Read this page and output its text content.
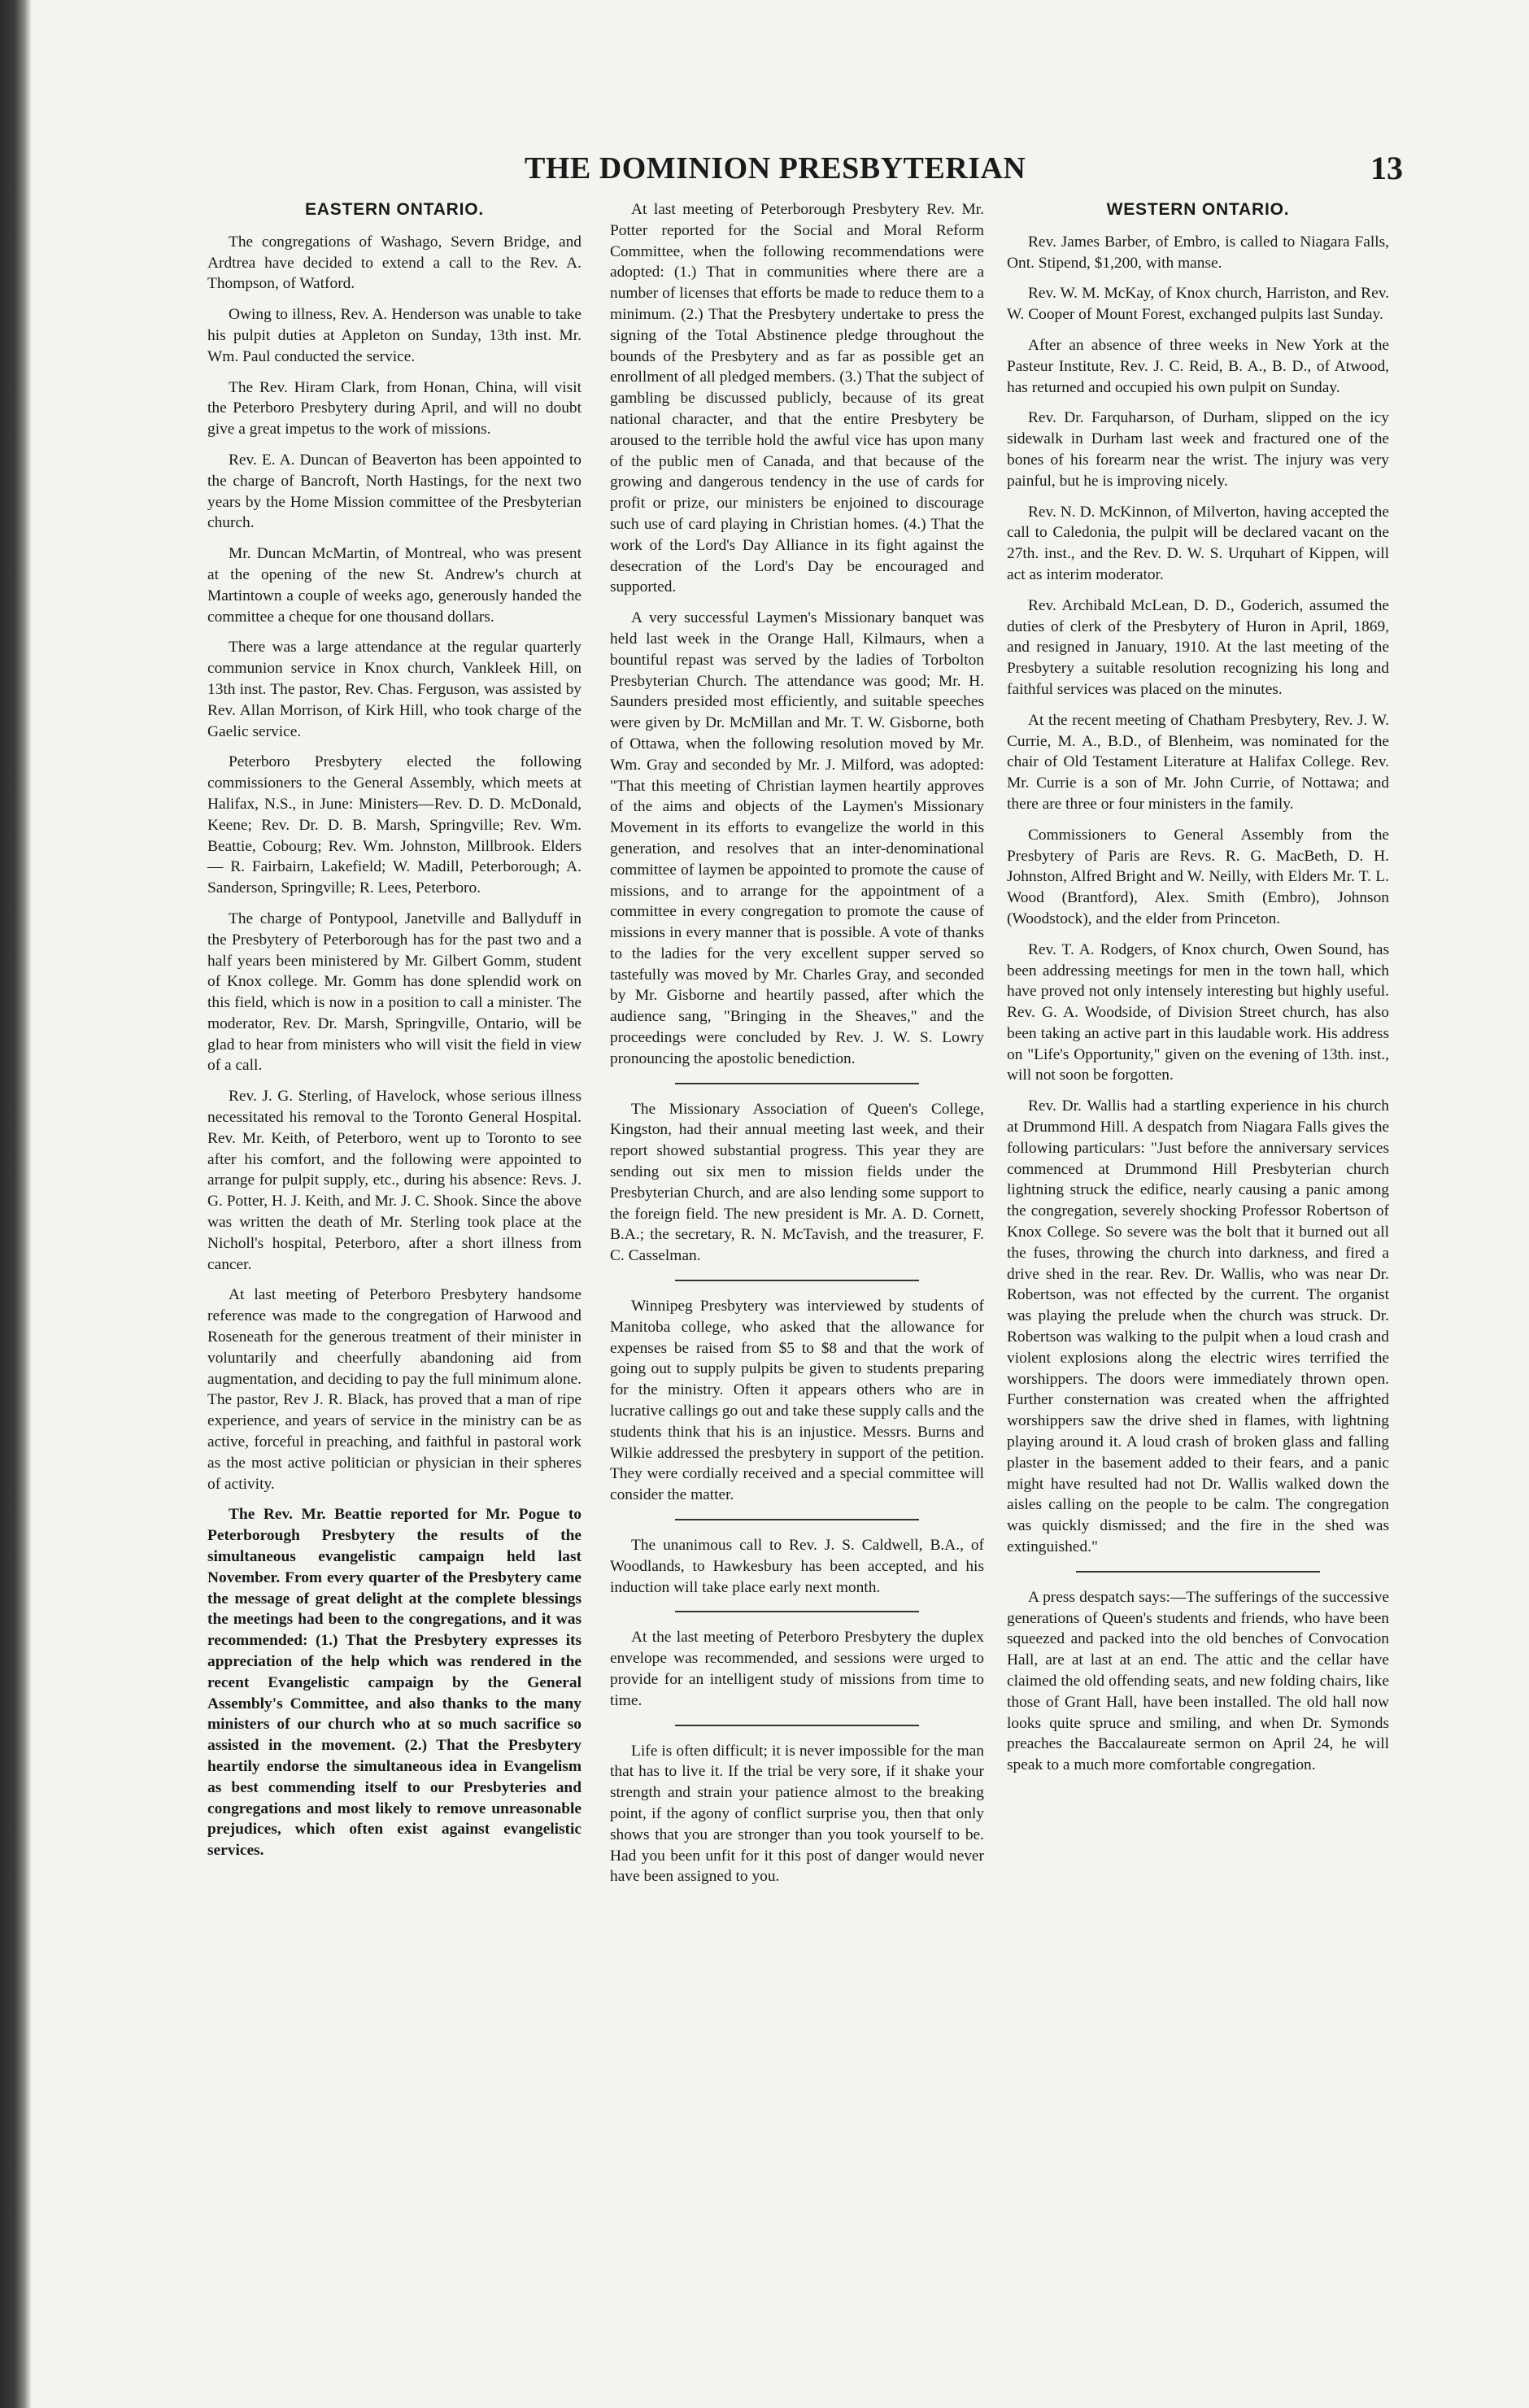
THE DOMINION PRESBYTERIAN	13
EASTERN ONTARIO.

The congregations of Washago, Severn Bridge, and Ardtrea have decided to extend a call to the Rev. A. Thompson, of Watford.

Owing to illness, Rev. A. Henderson was unable to take his pulpit duties at Appleton on Sunday, 13th inst. Mr. Wm. Paul conducted the service.

The Rev. Hiram Clark, from Honan, China, will visit the Peterboro Presbytery during April, and will no doubt give a great impetus to the work of missions.

Rev. E. A. Duncan of Beaverton has been appointed to the charge of Bancroft, North Hastings, for the next two years by the Home Mission committee of the Presbyterian church.

Mr. Duncan McMartin, of Montreal, who was present at the opening of the new St. Andrew's church at Martintown a couple of weeks ago, generously handed the committee a cheque for one thousand dollars.

There was a large attendance at the regular quarterly communion service in Knox church, Vankleek Hill, on 13th inst. The pastor, Rev. Chas. Ferguson, was assisted by Rev. Allan Morrison, of Kirk Hill, who took charge of the Gaelic service.

Peterboro Presbytery elected the following commissioners to the General Assembly, which meets at Halifax, N.S., in June: Ministers—Rev. D. D. McDonald, Keene; Rev. Dr. D. B. Marsh, Springville; Rev. Wm. Beattie, Cobourg; Rev. Wm. Johnston, Millbrook. Elders — R. Fairbairn, Lakefield; W. Madill, Peterborough; A. Sanderson, Springville; R. Lees, Peterboro.

The charge of Pontypool, Janetville and Ballyduff in the Presbytery of Peterborough has for the past two and a half years been ministered by Mr. Gilbert Gomm, student of Knox college. Mr. Gomm has done splendid work on this field, which is now in a position to call a minister. The moderator, Rev. Dr. Marsh, Springville, Ontario, will be glad to hear from ministers who will visit the field in view of a call.

Rev. J. G. Sterling, of Havelock, whose serious illness necessitated his removal to the Toronto General Hospital. Rev. Mr. Keith, of Peterboro, went up to Toronto to see after his comfort, and the following were appointed to arrange for pulpit supply, etc., during his absence: Revs. J. G. Potter, H. J. Keith, and Mr. J. C. Shook. Since the above was written the death of Mr. Sterling took place at the Nicholl's hospital, Peterboro, after a short illness from cancer.

At last meeting of Peterboro Presbytery handsome reference was made to the congregation of Harwood and Roseneath for the generous treatment of their minister in voluntarily and cheerfully abandoning aid from augmentation, and deciding to pay the full minimum alone. The pastor, Rev J. R. Black, has proved that a man of ripe experience, and years of service in the ministry can be as active, forceful in preaching, and faithful in pastoral work as the most active politician or physician in their spheres of activity.

The Rev. Mr. Beattie reported for Mr. Pogue to Peterborough Presbytery the results of the simultaneous evangelistic campaign held last November. From every quarter of the Presbytery came the message of great delight at the complete blessings the meetings had been to the congregations, and it was recommended: (1.) That the Presbytery expresses its appreciation of the help which was rendered in the recent Evangelistic campaign by the General Assembly's Committee, and also thanks to the many ministers of our church who at so much sacrifice so assisted in the movement. (2.) That the Presbytery heartily endorse the simultaneous idea in Evangelism as best commending itself to our Presbyteries and congregations and most likely to remove unreasonable prejudices, which often exist against evangelistic services.

At last meeting of Peterborough Presbytery Rev. Mr. Potter reported for the Social and Moral Reform Committee, when the following recommendations were adopted: (1.) That in communities where there are a number of licenses that efforts be made to reduce them to a minimum. (2.) That the Presbytery undertake to press the signing of the Total Abstinence pledge throughout the bounds of the Presbytery and as far as possible get an enrollment of all pledged members. (3.) That the subject of gambling be discussed publicly, because of its great national character, and that the entire Presbytery be aroused to the terrible hold the awful vice has upon many of the public men of Canada, and that because of the growing and dangerous tendency in the use of cards for profit or prize, our ministers be enjoined to discourage such use of card playing in Christian homes. (4.) That the work of the Lord's Day Alliance in its fight against the desecration of the Lord's Day be encouraged and supported.

A very successful Laymen's Missionary banquet was held last week in the Orange Hall, Kilmaurs, when a bountiful repast was served by the ladies of Torbolton Presbyterian Church. The attendance was good; Mr. H. Saunders presided most efficiently, and suitable speeches were given by Dr. McMillan and Mr. T. W. Gisborne, both of Ottawa, when the following resolution moved by Mr. Wm. Gray and seconded by Mr. J. Milford, was adopted: "That this meeting of Christian laymen heartily approves of the aims and objects of the Laymen's Missionary Movement in its efforts to evangelize the world in this generation, and resolves that an inter-denominational committee of laymen be appointed to promote the cause of missions, and to arrange for the appointment of a committee in every congregation to promote the cause of missions in every manner that is possible. A vote of thanks to the ladies for the very excellent supper served so tastefully was moved by Mr. Charles Gray, and seconded by Mr. Gisborne and heartily passed, after which the audience sang, "Bringing in the Sheaves," and the proceedings were concluded by Rev. J. W. S. Lowry pronouncing the apostolic benediction.

The Missionary Association of Queen's College, Kingston, had their annual meeting last week, and their report showed substantial progress. This year they are sending out six men to mission fields under the Presbyterian Church, and are also lending some support to the foreign field. The new president is Mr. A. D. Cornett, B.A.; the secretary, R. N. McTavish, and the treasurer, F. C. Casselman.

Winnipeg Presbytery was interviewed by students of Manitoba college, who asked that the allowance for expenses be raised from $5 to $8 and that the work of going out to supply pulpits be given to students preparing for the ministry. Often it appears others who are in lucrative callings go out and take these supply calls and the students think that his is an injustice. Messrs. Burns and Wilkie addressed the presbytery in support of the petition. They were cordially received and a special committee will consider the matter.

The unanimous call to Rev. J. S. Caldwell, B.A., of Woodlands, to Hawkesbury has been accepted, and his induction will take place early next month.

At the last meeting of Peterboro Presbytery the duplex envelope was recommended, and sessions were urged to provide for an intelligent study of missions from time to time.

Life is often difficult; it is never impossible for the man that has to live it. If the trial be very sore, if it shake your strength and strain your patience almost to the breaking point, if the agony of conflict surprise you, then that only shows that you are stronger than you took yourself to be. Had you been unfit for it this post of danger would never have been assigned to you.

WESTERN ONTARIO.

Rev. James Barber, of Embro, is called to Niagara Falls, Ont. Stipend, $1,200, with manse.

Rev. W. M. McKay, of Knox church, Harriston, and Rev. W. Cooper of Mount Forest, exchanged pulpits last Sunday.

After an absence of three weeks in New York at the Pasteur Institute, Rev. J. C. Reid, B. A., B. D., of Atwood, has returned and occupied his own pulpit on Sunday.

Rev. Dr. Farquharson, of Durham, slipped on the icy sidewalk in Durham last week and fractured one of the bones of his forearm near the wrist. The injury was very painful, but he is improving nicely.

Rev. N. D. McKinnon, of Milverton, having accepted the call to Caledonia, the pulpit will be declared vacant on the 27th. inst., and the Rev. D. W. S. Urquhart of Kippen, will act as interim moderator.

Rev. Archibald McLean, D. D., Goderich, assumed the duties of clerk of the Presbytery of Huron in April, 1869, and resigned in January, 1910. At the last meeting of the Presbytery a suitable resolution recognizing his long and faithful services was placed on the minutes.

At the recent meeting of Chatham Presbytery, Rev. J. W. Currie, M. A., B.D., of Blenheim, was nominated for the chair of Old Testament Literature at Halifax College. Rev. Mr. Currie is a son of Mr. John Currie, of Nottawa; and there are three or four ministers in the family.

Commissioners to General Assembly from the Presbytery of Paris are Revs. R. G. MacBeth, D. H. Johnston, Alfred Bright and W. Neilly, with Elders Mr. T. L. Wood (Brantford), Alex. Smith (Embro), Johnson (Woodstock), and the elder from Princeton.

Rev. T. A. Rodgers, of Knox church, Owen Sound, has been addressing meetings for men in the town hall, which have proved not only intensely interesting but highly useful. Rev. G. A. Woodside, of Division Street church, has also been taking an active part in this laudable work. His address on "Life's Opportunity," given on the evening of 13th. inst., will not soon be forgotten.

Rev. Dr. Wallis had a startling experience in his church at Drummond Hill. A despatch from Niagara Falls gives the following particulars: "Just before the anniversary services commenced at Drummond Hill Presbyterian church lightning struck the edifice, nearly causing a panic among the congregation, severely shocking Professor Robertson of Knox College. So severe was the bolt that it burned out all the fuses, throwing the church into darkness, and fired a drive shed in the rear. Rev. Dr. Wallis, who was near Dr. Robertson, was not effected by the current. The organist was playing the prelude when the church was struck. Dr. Robertson was walking to the pulpit when a loud crash and violent explosions along the electric wires terrified the worshippers. The doors were immediately thrown open. Further consternation was created when the affrighted worshippers saw the drive shed in flames, with lightning playing around it. A loud crash of broken glass and falling plaster in the basement added to their fears, and a panic might have resulted had not Dr. Wallis walked down the aisles calling on the people to be calm. The congregation was quickly dismissed; and the fire in the shed was extinguished."

A press despatch says:—The sufferings of the successive generations of Queen's students and friends, who have been squeezed and packed into the old benches of Convocation Hall, are at last at an end. The attic and the cellar have claimed the old offending seats, and new folding chairs, like those of Grant Hall, have been installed. The old hall now looks quite spruce and smiling, and when Dr. Symonds preaches the Baccalaureate sermon on April 24, he will speak to a much more comfortable congregation.
